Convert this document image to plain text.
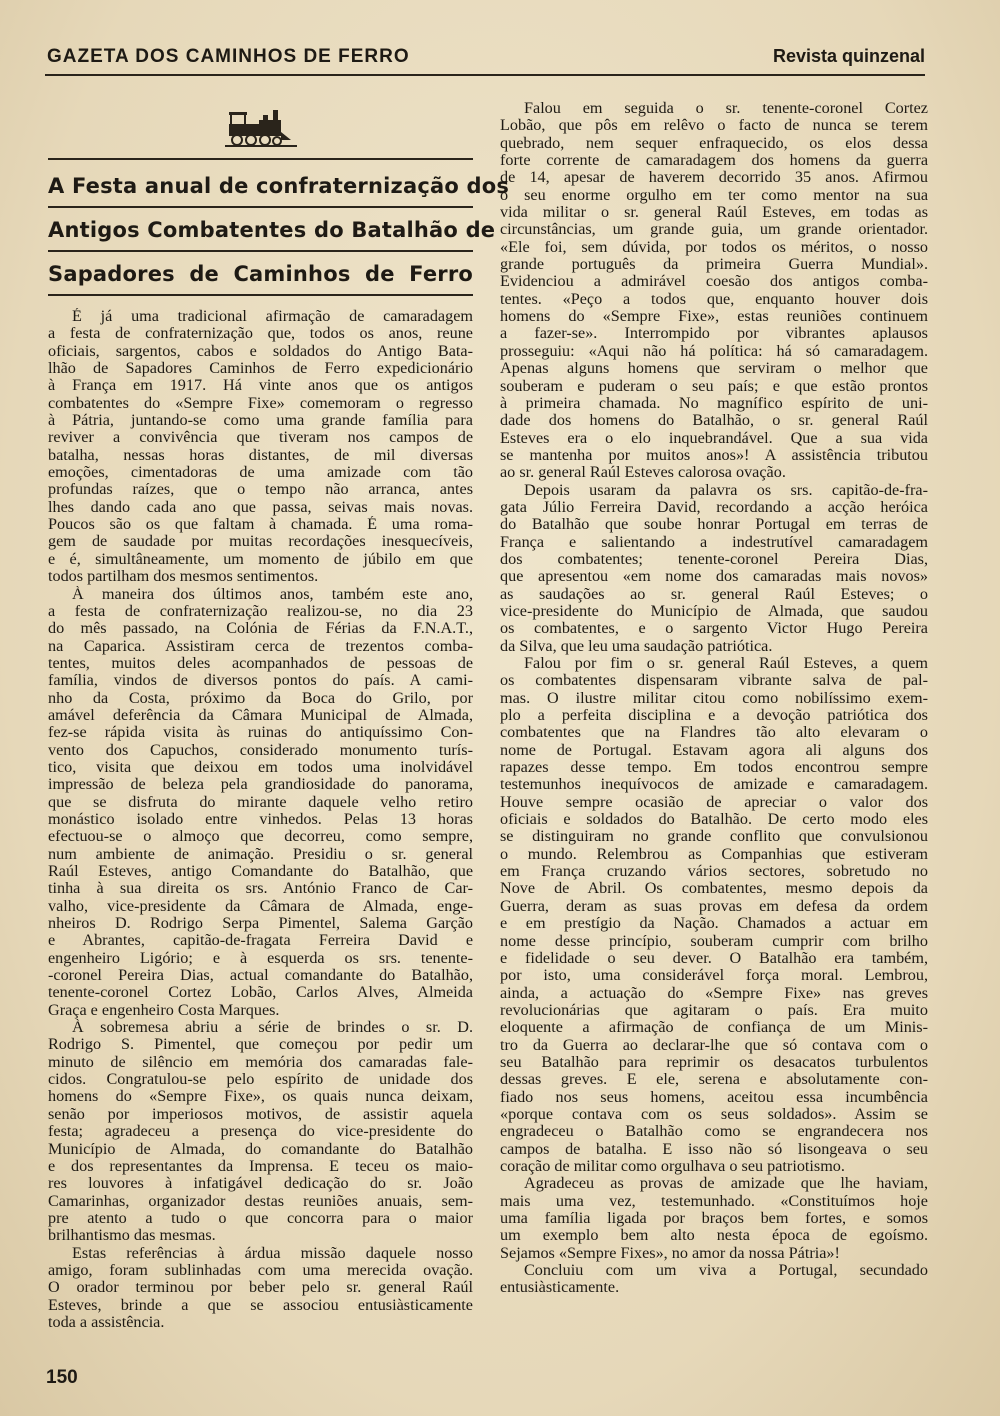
GAZETA DOS CAMINHOS DE FERRO	Revista quinzenal
A Festa anual de confraternização dos
Antigos Combatentes do Batalhão de
Sapadores de Caminhos de Ferro
É já uma tradicional afirmação de camaradagem
a festa de confraternização que, todos os anos, reune
oficiais, sargentos, cabos e soldados do Antigo Bata-
lhão de Sapadores Caminhos de Ferro expedicionário
à França em 1917. Há vinte anos que os antigos
combatentes do «Sempre Fixe» comemoram o regresso
à Pátria, juntando-se como uma grande família para
reviver a convivência que tiveram nos campos de
batalha, nessas horas distantes, de mil diversas
emoções, cimentadoras de uma amizade com tão
profundas raízes, que o tempo não arranca, antes
lhes dando cada ano que passa, seivas mais novas.
Poucos são os que faltam à chamada. É uma roma-
gem de saudade por muitas recordações inesquecíveis,
e é, simultâneamente, um momento de júbilo em que
todos partilham dos mesmos sentimentos.
À maneira dos últimos anos, também este ano,
a festa de confraternização realizou-se, no dia 23
do mês passado, na Colónia de Férias da F.N.A.T.,
na Caparica. Assistiram cerca de trezentos comba-
tentes, muitos deles acompanhados de pessoas de
família, vindos de diversos pontos do país. A cami-
nho da Costa, próximo da Boca do Grilo, por
amável deferência da Câmara Municipal de Almada,
fez-se rápida visita às ruinas do antiquíssimo Con-
vento dos Capuchos, considerado monumento turís-
tico, visita que deixou em todos uma inolvidável
impressão de beleza pela grandiosidade do panorama,
que se disfruta do mirante daquele velho retiro
monástico isolado entre vinhedos. Pelas 13 horas
efectuou-se o almoço que decorreu, como sempre,
num ambiente de animação. Presidiu o sr. general
Raúl Esteves, antigo Comandante do Batalhão, que
tinha à sua direita os srs. António Franco de Car-
valho, vice-presidente da Câmara de Almada, enge-
nheiros D. Rodrigo Serpa Pimentel, Salema Garção
e Abrantes, capitão-de-fragata Ferreira David e
engenheiro Ligório; e à esquerda os srs. tenente-
-coronel Pereira Dias, actual comandante do Batalhão,
tenente-coronel Cortez Lobão, Carlos Alves, Almeida
Graça e engenheiro Costa Marques.
À sobremesa abriu a série de brindes o sr. D.
Rodrigo S. Pimentel, que começou por pedir um
minuto de silêncio em memória dos camaradas fale-
cidos. Congratulou-se pelo espírito de unidade dos
homens do «Sempre Fixe», os quais nunca deixam,
senão por imperiosos motivos, de assistir aquela
festa; agradeceu a presença do vice-presidente do
Município de Almada, do comandante do Batalhão
e dos representantes da Imprensa. E teceu os maio-
res louvores à infatigável dedicação do sr. João
Camarinhas, organizador destas reuniões anuais, sem-
pre atento a tudo o que concorra para o maior
brilhantismo das mesmas.
Estas referências à árdua missão daquele nosso
amigo, foram sublinhadas com uma merecida ovação.
O orador terminou por beber pelo sr. general Raúl
Esteves, brinde a que se associou entusiàsticamente
toda a assistência.
Falou em seguida o sr. tenente-coronel Cortez
Lobão, que pôs em relêvo o facto de nunca se terem
quebrado, nem sequer enfraquecido, os elos dessa
forte corrente de camaradagem dos homens da guerra
de 14, apesar de haverem decorrido 35 anos. Afirmou
o seu enorme orgulho em ter como mentor na sua
vida militar o sr. general Raúl Esteves, em todas as
circunstâncias, um grande guia, um grande orientador.
«Ele foi, sem dúvida, por todos os méritos, o nosso
grande português da primeira Guerra Mundial».
Evidenciou a admirável coesão dos antigos comba-
tentes. «Peço a todos que, enquanto houver dois
homens do «Sempre Fixe», estas reuniões continuem
a fazer-se». Interrompido por vibrantes aplausos
prosseguiu: «Aqui não há política: há só camaradagem.
Apenas alguns homens que serviram o melhor que
souberam e puderam o seu país; e que estão prontos
à primeira chamada. No magnífico espírito de uni-
dade dos homens do Batalhão, o sr. general Raúl
Esteves era o elo inquebrandável. Que a sua vida
se mantenha por muitos anos»! A assistência tributou
ao sr. general Raúl Esteves calorosa ovação.
Depois usaram da palavra os srs. capitão-de-fra-
gata Júlio Ferreira David, recordando a acção heróica
do Batalhão que soube honrar Portugal em terras de
França e salientando a indestrutível camaradagem
dos combatentes; tenente-coronel Pereira Dias,
que apresentou «em nome dos camaradas mais novos»
as saudações ao sr. general Raúl Esteves; o
vice-presidente do Município de Almada, que saudou
os combatentes, e o sargento Victor Hugo Pereira
da Silva, que leu uma saudação patriótica.
Falou por fim o sr. general Raúl Esteves, a quem
os combatentes dispensaram vibrante salva de pal-
mas. O ilustre militar citou como nobilíssimo exem-
plo a perfeita disciplina e a devoção patriótica dos
combatentes que na Flandres tão alto elevaram o
nome de Portugal. Estavam agora ali alguns dos
rapazes desse tempo. Em todos encontrou sempre
testemunhos inequívocos de amizade e camaradagem.
Houve sempre ocasião de apreciar o valor dos
oficiais e soldados do Batalhão. De certo modo eles
se distinguiram no grande conflito que convulsionou
o mundo. Relembrou as Companhias que estiveram
em França cruzando vários sectores, sobretudo no
Nove de Abril. Os combatentes, mesmo depois da
Guerra, deram as suas provas em defesa da ordem
e em prestígio da Nação. Chamados a actuar em
nome desse princípio, souberam cumprir com brilho
e fidelidade o seu dever. O Batalhão era também,
por isto, uma considerável força moral. Lembrou,
ainda, a actuação do «Sempre Fixe» nas greves
revolucionárias que agitaram o país. Era muito
eloquente a afirmação de confiança de um Minis-
tro da Guerra ao declarar-lhe que só contava com o
seu Batalhão para reprimir os desacatos turbulentos
dessas greves. E ele, serena e absolutamente con-
fiado nos seus homens, aceitou essa incumbência
«porque contava com os seus soldados». Assim se
engradeceu o Batalhão como se engrandecera nos
campos de batalha. E isso não só lisongeava o seu
coração de militar como orgulhava o seu patriotismo.
Agradeceu as provas de amizade que lhe haviam,
mais uma vez, testemunhado. «Constituímos hoje
uma família ligada por braços bem fortes, e somos
um exemplo bem alto nesta época de egoísmo.
Sejamos «Sempre Fixes», no amor da nossa Pátria»!
Concluiu com um viva a Portugal, secundado
entusiàsticamente.
150
